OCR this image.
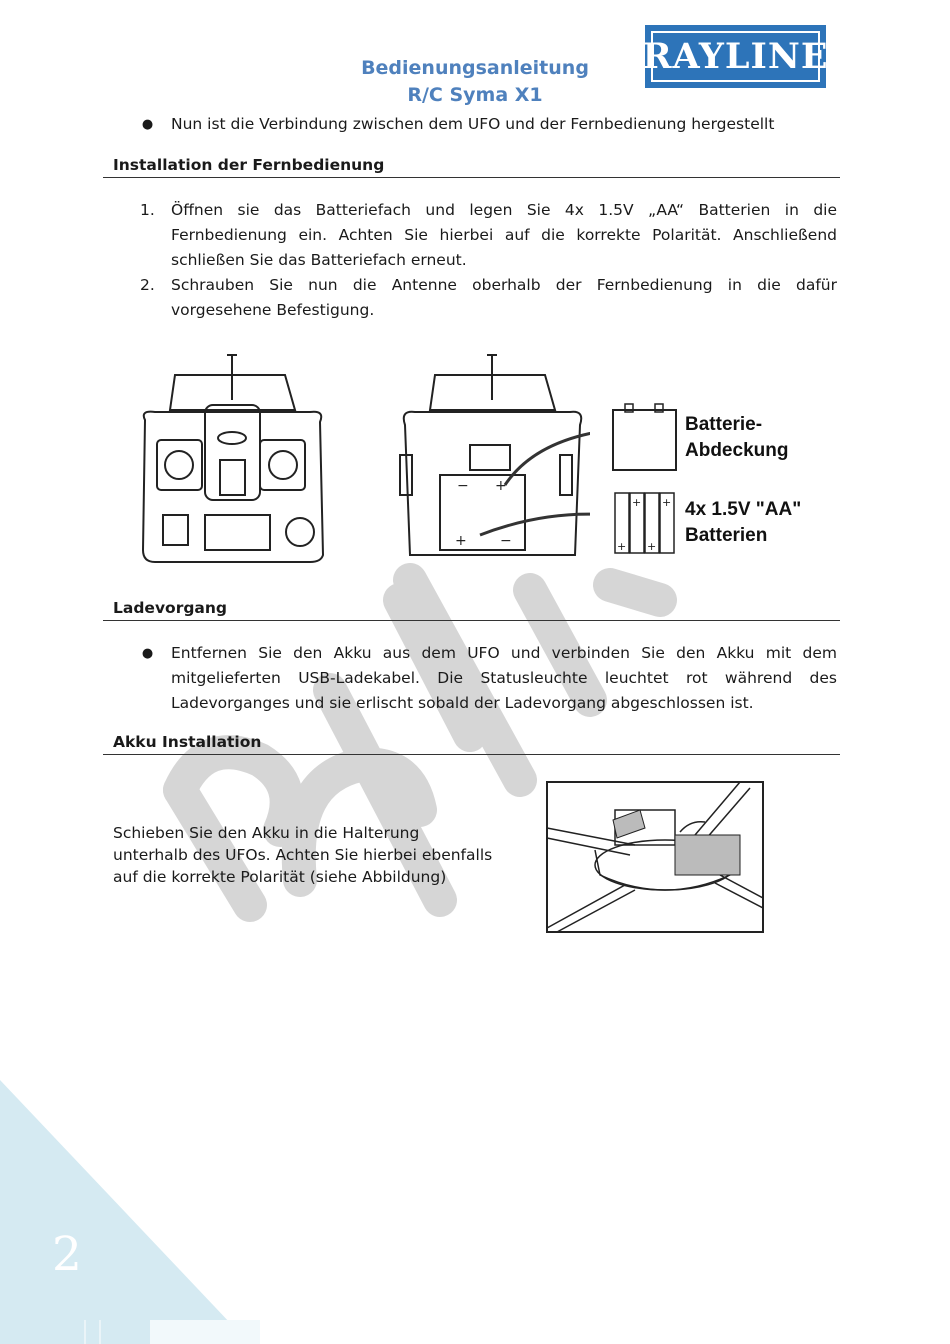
2
Bedienungsanleitung
R/C Syma X1
RAYLINE
● Nun ist die Verbindung zwischen dem UFO und der Fernbedienung hergestellt
Installation der Fernbedienung
1.	Öffnen sie das Batteriefach und legen Sie 4x 1.5V „AA“ Batterien in die Fernbedienung ein. Achten Sie hierbei auf die korrekte Polarität. Anschließend schließen Sie das Batteriefach erneut.
2.	Schrauben Sie nun die Antenne oberhalb der Fernbedienung in die dafür vorgesehene Befestigung.
− +
+ −
Batterie-
Abdeckung
+
+
+
+ 4x 1.5V "AA"
Batterien
Ladevorgang
● Entfernen Sie den Akku aus dem UFO und verbinden Sie den Akku mit dem mitgelieferten USB-Ladekabel. Die Statusleuchte leuchtet rot während des Ladevorganges und sie erlischt sobald der Ladevorgang abgeschlossen ist.
Akku Installation
Schieben Sie den Akku in die Halterung
unterhalb des UFOs. Achten Sie hierbei ebenfalls
auf die korrekte Polarität (siehe Abbildung)
